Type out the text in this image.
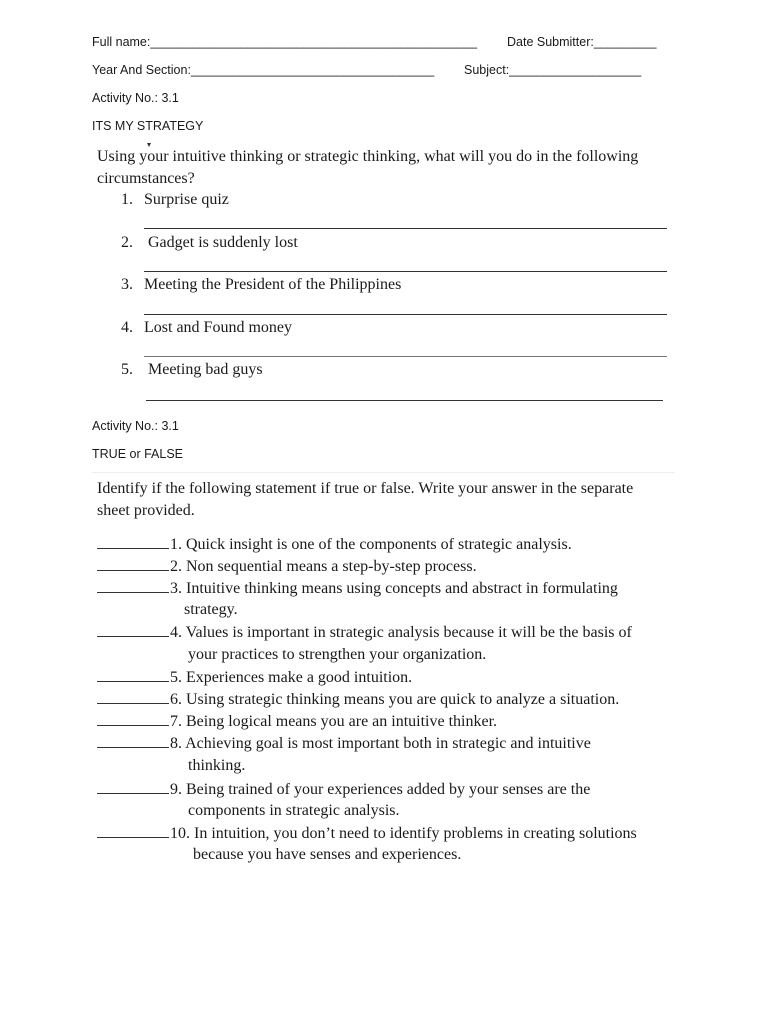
Full name:_______________________________________________ Date Submitter:_________
Year And Section:___________________________________ Subject:___________________
Activity No.: 3.1
ITS MY STRATEGY
Using your intuitive thinking or strategic thinking, what will you do in the following
circumstances?
1. Surprise quiz
2. Gadget is suddenly lost
3. Meeting the President of the Philippines
4. Lost and Found money
5. Meeting bad guys
Activity No.: 3.1
TRUE or FALSE
Identify if the following statement if true or false. Write your answer in the separate
sheet provided.
1. Quick insight is one of the components of strategic analysis.
2. Non sequential means a step-by-step process.
3. Intuitive thinking means using concepts and abstract in formulating
strategy.
4. Values is important in strategic analysis because it will be the basis of
your practices to strengthen your organization.
5. Experiences make a good intuition.
6. Using strategic thinking means you are quick to analyze a situation.
7. Being logical means you are an intuitive thinker.
8. Achieving goal is most important both in strategic and intuitive
thinking.
9. Being trained of your experiences added by your senses are the
components in strategic analysis.
10. In intuition, you don’t need to identify problems in creating solutions
because you have senses and experiences.
